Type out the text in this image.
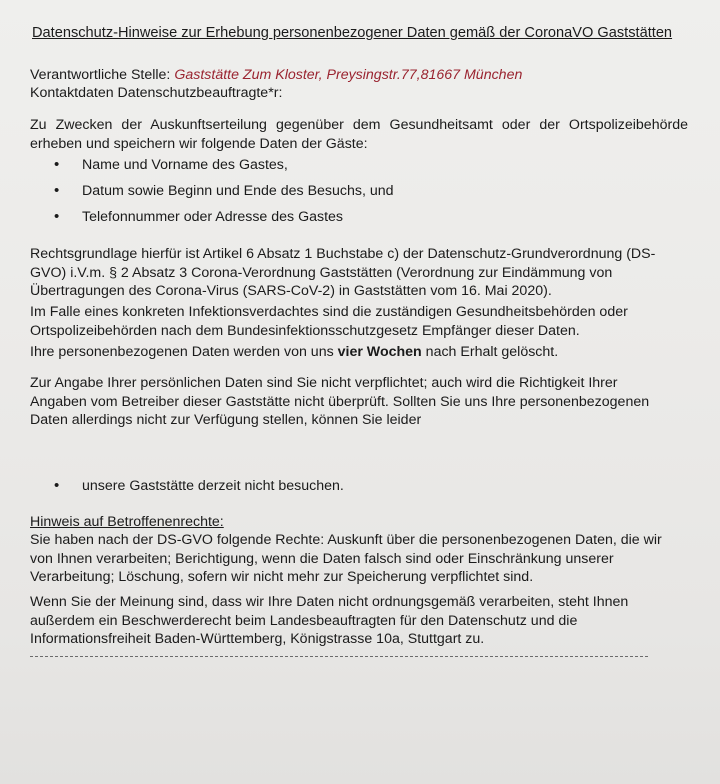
Datenschutz-Hinweise zur Erhebung personenbezogener Daten gemäß der CoronaVO Gaststätten
Verantwortliche Stelle: Gaststätte Zum Kloster, Preysingstr.77,81667 München
Kontaktdaten Datenschutzbeauftragte*r:
Zu Zwecken der Auskunftserteilung gegenüber dem Gesundheitsamt oder der Ortspolizeibehörde erheben und speichern wir folgende Daten der Gäste:
• Name und Vorname des Gastes,
• Datum sowie Beginn und Ende des Besuchs, und
• Telefonnummer oder Adresse des Gastes
Rechtsgrundlage hierfür ist Artikel 6 Absatz 1 Buchstabe c) der Datenschutz-Grundverordnung (DS-GVO) i.V.m. § 2 Absatz 3 Corona-Verordnung Gaststätten (Verordnung zur Eindämmung von Übertragungen des Corona-Virus (SARS-CoV-2) in Gaststätten vom 16. Mai 2020).
Im Falle eines konkreten Infektionsverdachtes sind die zuständigen Gesundheitsbehörden oder Ortspolizeibehörden nach dem Bundesinfektionsschutzgesetz Empfänger dieser Daten.
Ihre personenbezogenen Daten werden von uns vier Wochen nach Erhalt gelöscht.
Zur Angabe Ihrer persönlichen Daten sind Sie nicht verpflichtet; auch wird die Richtigkeit Ihrer Angaben vom Betreiber dieser Gaststätte nicht überprüft. Sollten Sie uns Ihre personenbezogenen Daten allerdings nicht zur Verfügung stellen, können Sie leider
• unsere Gaststätte derzeit nicht besuchen.
Hinweis auf Betroffenenrechte:
Sie haben nach der DS-GVO folgende Rechte: Auskunft über die personenbezogenen Daten, die wir von Ihnen verarbeiten; Berichtigung, wenn die Daten falsch sind oder Einschränkung unserer Verarbeitung; Löschung, sofern wir nicht mehr zur Speicherung verpflichtet sind.
Wenn Sie der Meinung sind, dass wir Ihre Daten nicht ordnungsgemäß verarbeiten, steht Ihnen außerdem ein Beschwerderecht beim Landesbeauftragten für den Datenschutz und die Informationsfreiheit Baden-Württemberg, Königstrasse 10a, Stuttgart zu.
